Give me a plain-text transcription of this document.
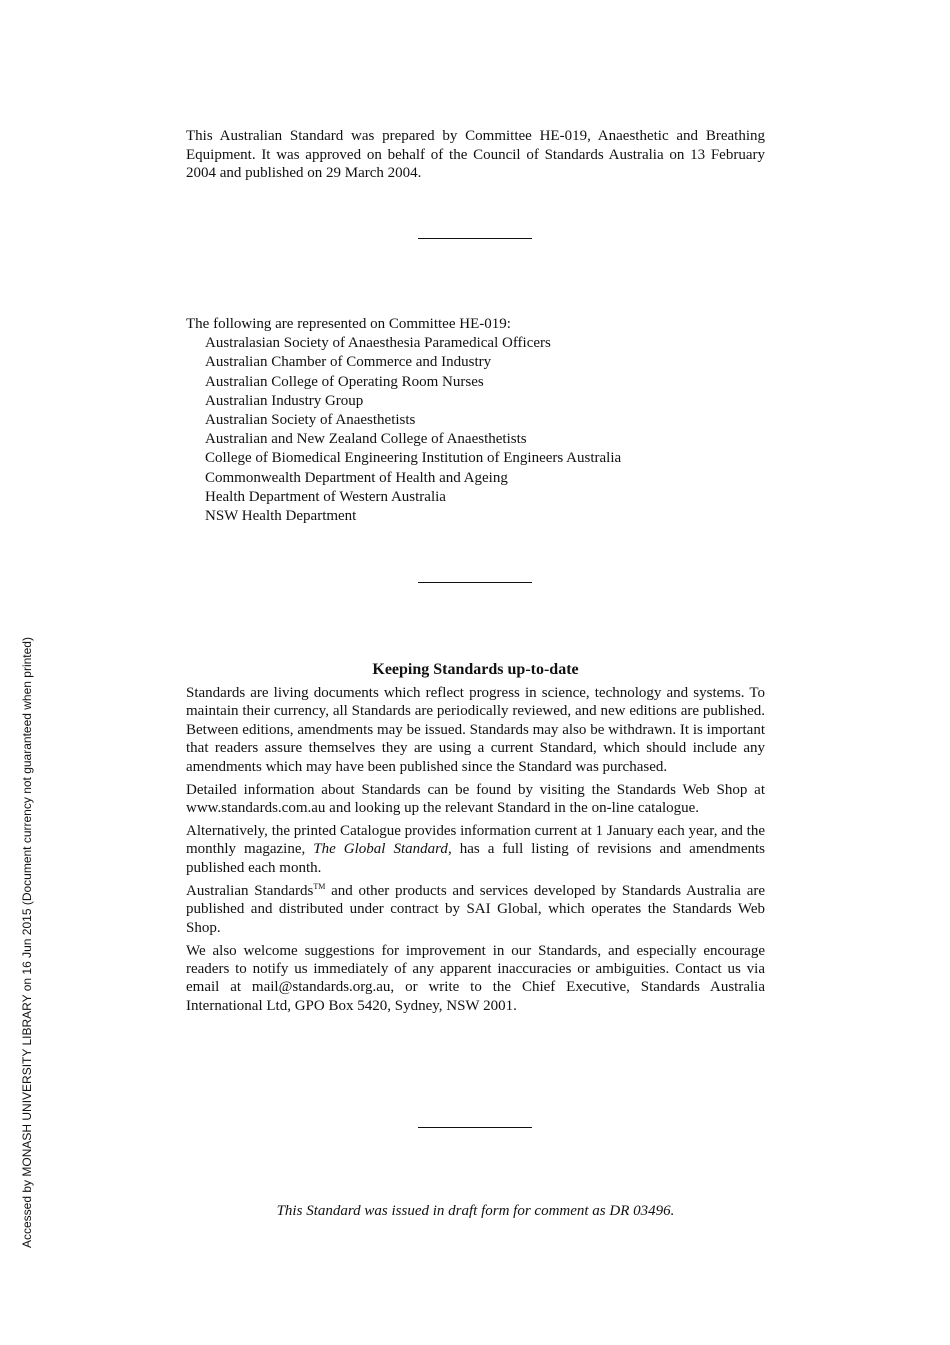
This Australian Standard was prepared by Committee HE-019, Anaesthetic and Breathing Equipment. It was approved on behalf of the Council of Standards Australia on 13 February 2004 and published on 29 March 2004.

The following are represented on Committee HE-019:
Australasian Society of Anaesthesia Paramedical Officers
Australian Chamber of Commerce and Industry
Australian College of Operating Room Nurses
Australian Industry Group
Australian Society of Anaesthetists
Australian and New Zealand College of Anaesthetists
College of Biomedical Engineering Institution of Engineers Australia
Commonwealth Department of Health and Ageing
Health Department of Western Australia
NSW Health Department
Keeping Standards up-to-date

Standards are living documents which reflect progress in science, technology and systems. To maintain their currency, all Standards are periodically reviewed, and new editions are published. Between editions, amendments may be issued. Standards may also be withdrawn. It is important that readers assure themselves they are using a current Standard, which should include any amendments which may have been published since the Standard was purchased.

Detailed information about Standards can be found by visiting the Standards Web Shop at www.standards.com.au and looking up the relevant Standard in the on-line catalogue.

Alternatively, the printed Catalogue provides information current at 1 January each year, and the monthly magazine, The Global Standard, has a full listing of revisions and amendments published each month.

Australian Standards™ and other products and services developed by Standards Australia are published and distributed under contract by SAI Global, which operates the Standards Web Shop.

We also welcome suggestions for improvement in our Standards, and especially encourage readers to notify us immediately of any apparent inaccuracies or ambiguities. Contact us via email at mail@standards.org.au, or write to the Chief Executive, Standards Australia International Ltd, GPO Box 5420, Sydney, NSW 2001.

This Standard was issued in draft form for comment as DR 03496.
Accessed by MONASH UNIVERSITY LIBRARY on 16 Jun 2015 (Document currency not guaranteed when printed)
